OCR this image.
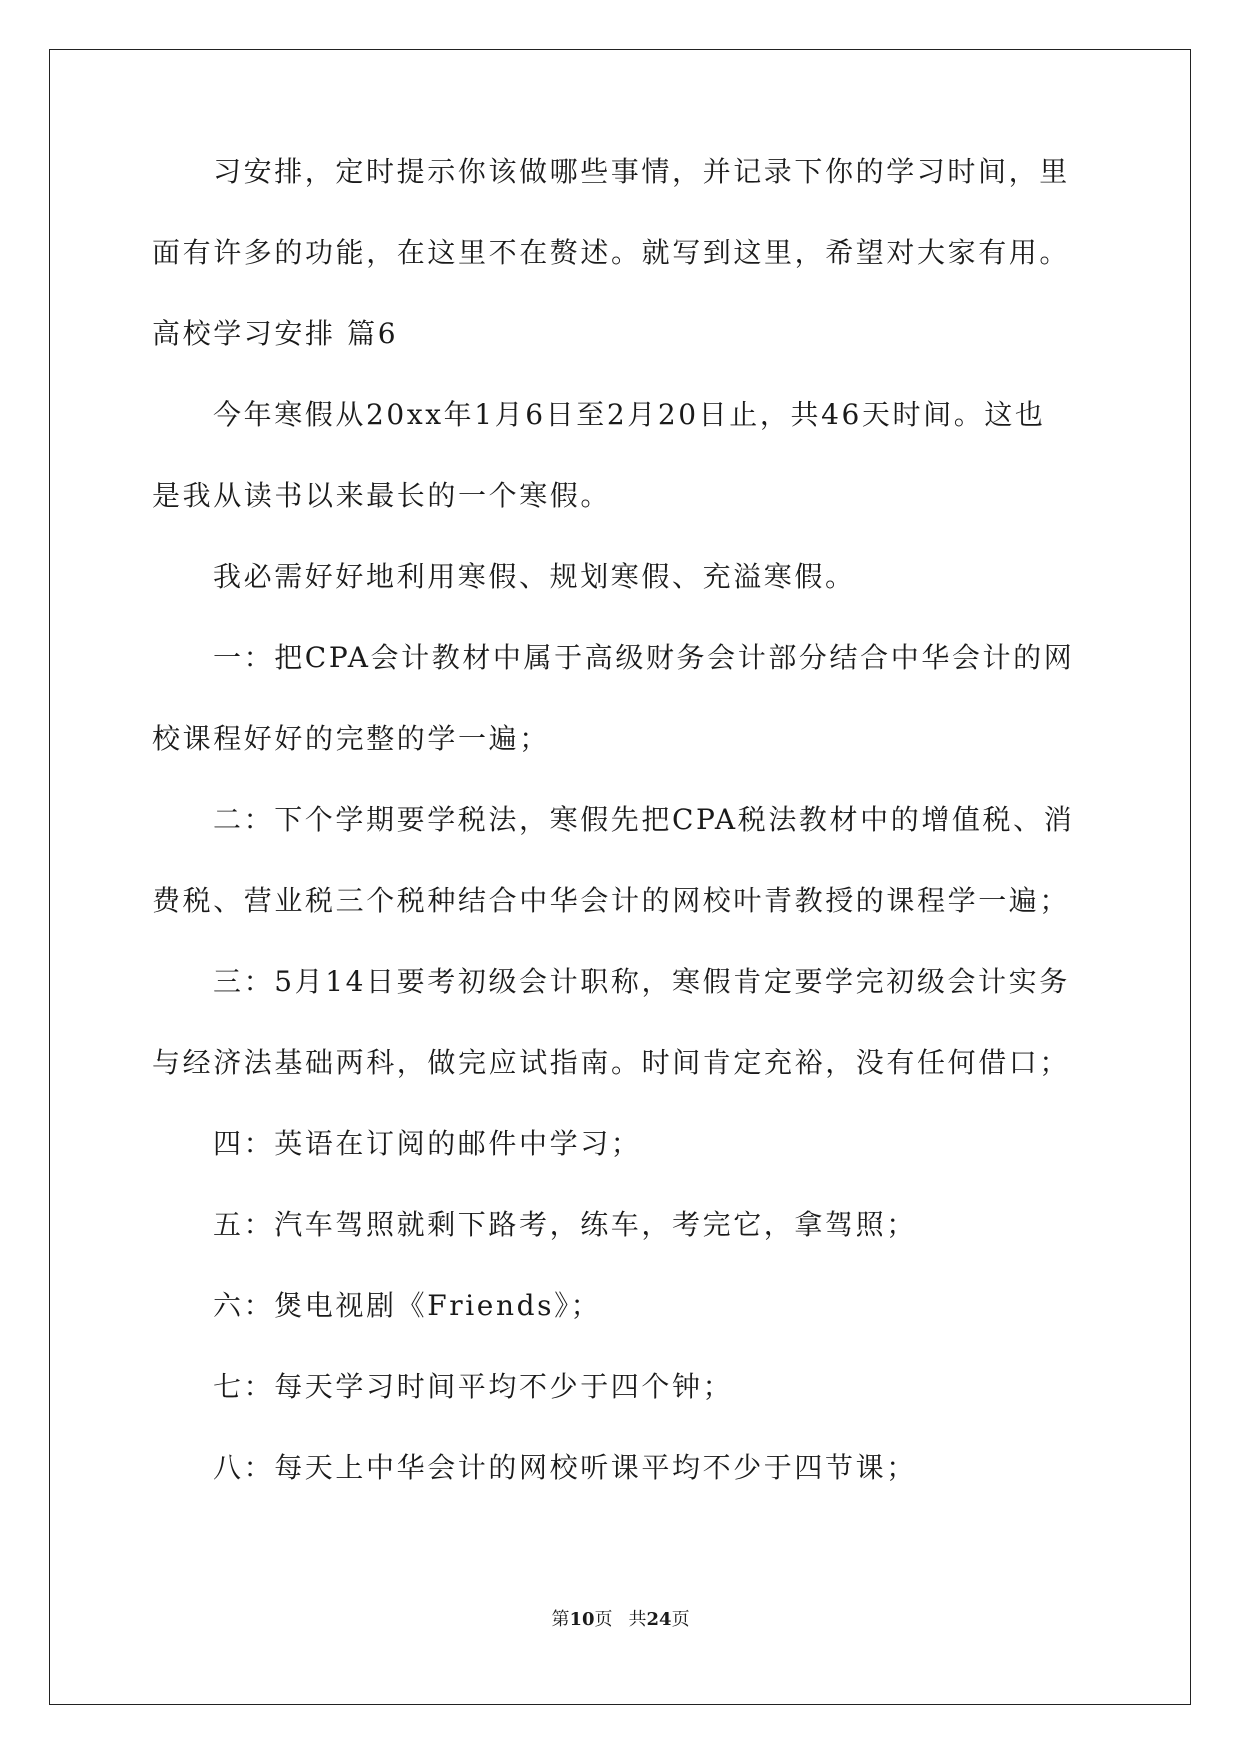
习安排，定时提示你该做哪些事情，并记录下你的学习时间，里

面有许多的功能，在这里不在赘述。就写到这里，希望对大家有用。

高校学习安排 篇6

今年寒假从20xx年1月6日至2月20日止，共46天时间。这也

是我从读书以来最长的一个寒假。

我必需好好地利用寒假、规划寒假、充溢寒假。

一：把CPA会计教材中属于高级财务会计部分结合中华会计的网

校课程好好的完整的学一遍；

二：下个学期要学税法，寒假先把CPA税法教材中的增值税、消

费税、营业税三个税种结合中华会计的网校叶青教授的课程学一遍；

三：5月14日要考初级会计职称，寒假肯定要学完初级会计实务

与经济法基础两科，做完应试指南。时间肯定充裕，没有任何借口；

四：英语在订阅的邮件中学习；

五：汽车驾照就剩下路考，练车，考完它，拿驾照；

六：煲电视剧《Friends》；

七：每天学习时间平均不少于四个钟；

八：每天上中华会计的网校听课平均不少于四节课；

第10页 共24页
